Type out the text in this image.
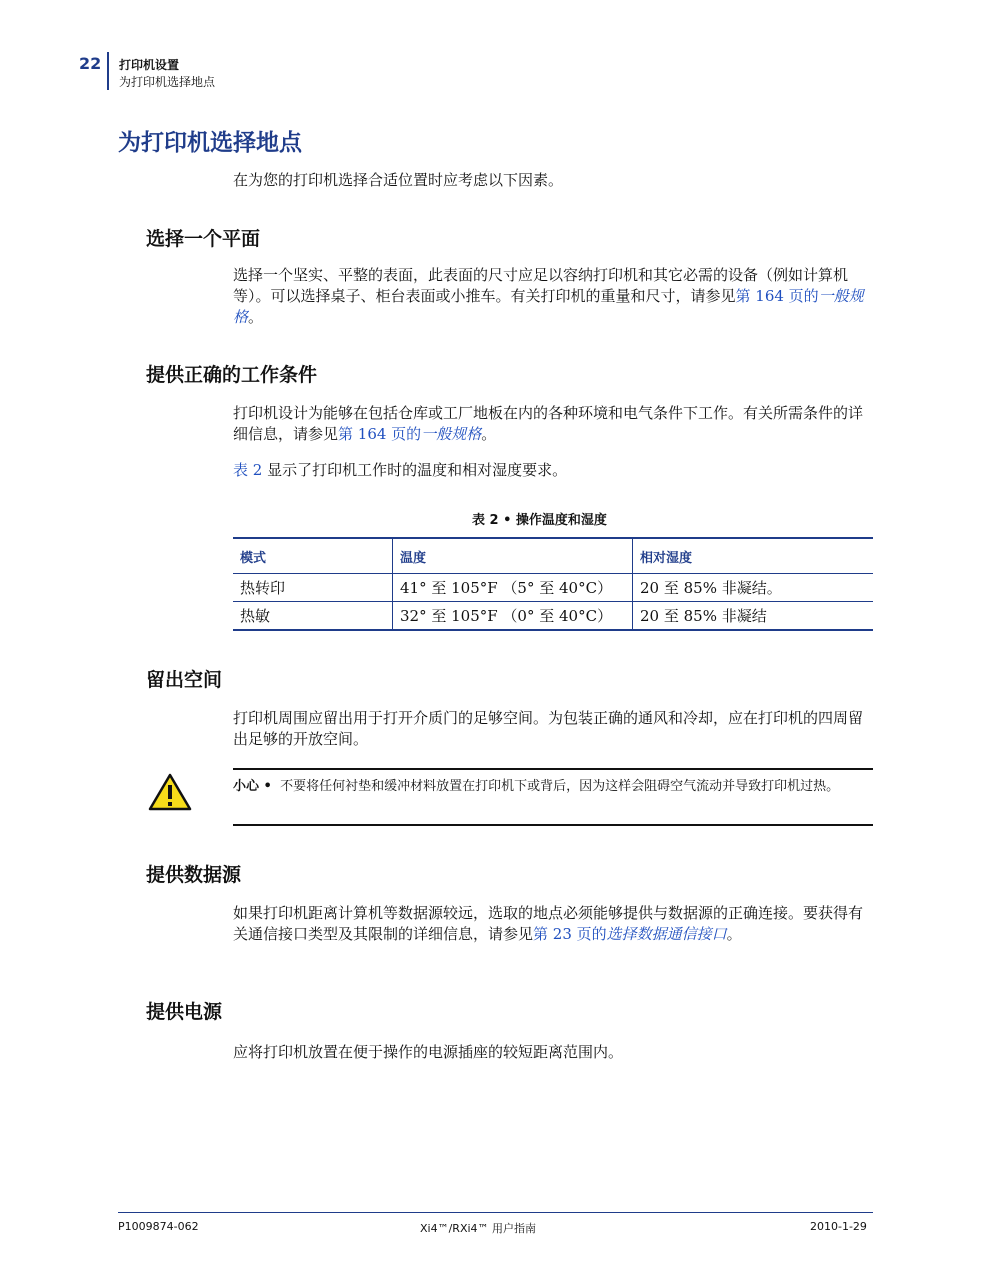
22 打印机设置
为打印机选择地点
为打印机选择地点

在为您的打印机选择合适位置时应考虑以下因素。

选择一个平面

选择一个坚实、平整的表面，此表面的尺寸应足以容纳打印机和其它必需的设备（例如计算机等）。可以选择桌子、柜台表面或小推车。有关打印机的重量和尺寸，请参见第 164 页的一般规格。

提供正确的工作条件

打印机设计为能够在包括仓库或工厂地板在内的各种环境和电气条件下工作。有关所需条件的详细信息，请参见第 164 页的一般规格。

表 2 显示了打印机工作时的温度和相对湿度要求。

表 2 • 操作温度和湿度
模式	温度	相对湿度
热转印	41° 至 105°F （5° 至 40°C）	20 至 85% 非凝结。
热敏	32° 至 105°F （0° 至 40°C）	20 至 85% 非凝结
留出空间

打印机周围应留出用于打开介质门的足够空间。为包装正确的通风和冷却，应在打印机的四周留出足够的开放空间。

小心 • 不要将任何衬垫和缓冲材料放置在打印机下或背后，因为这样会阻碍空气流动并导致打印机过热。
提供数据源

如果打印机距离计算机等数据源较远，选取的地点必须能够提供与数据源的正确连接。要获得有关通信接口类型及其限制的详细信息，请参见第 23 页的选择数据通信接口。

提供电源

应将打印机放置在便于操作的电源插座的较短距离范围内。

P1009874-062	Xi4™/RXi4™ 用户指南	2010-1-29
